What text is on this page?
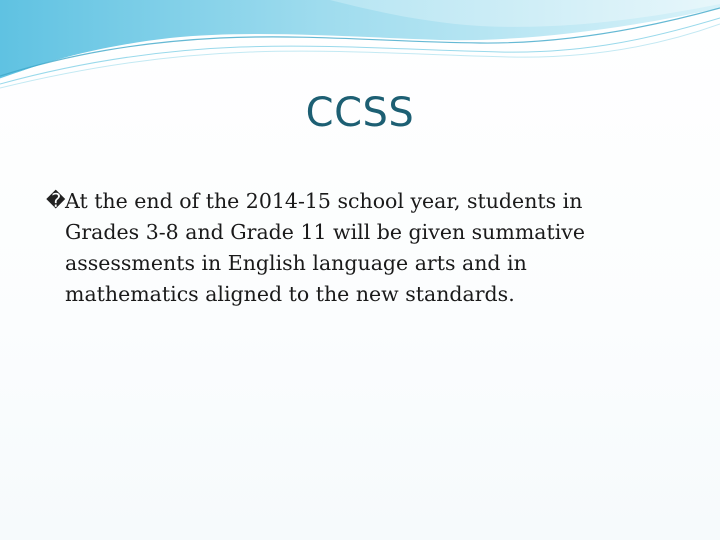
CCSS
� At the end of the 2014-15 school year, students in Grades 3-8 and Grade 11 will be given summative assessments in English language arts and in mathematics aligned to the new standards.
